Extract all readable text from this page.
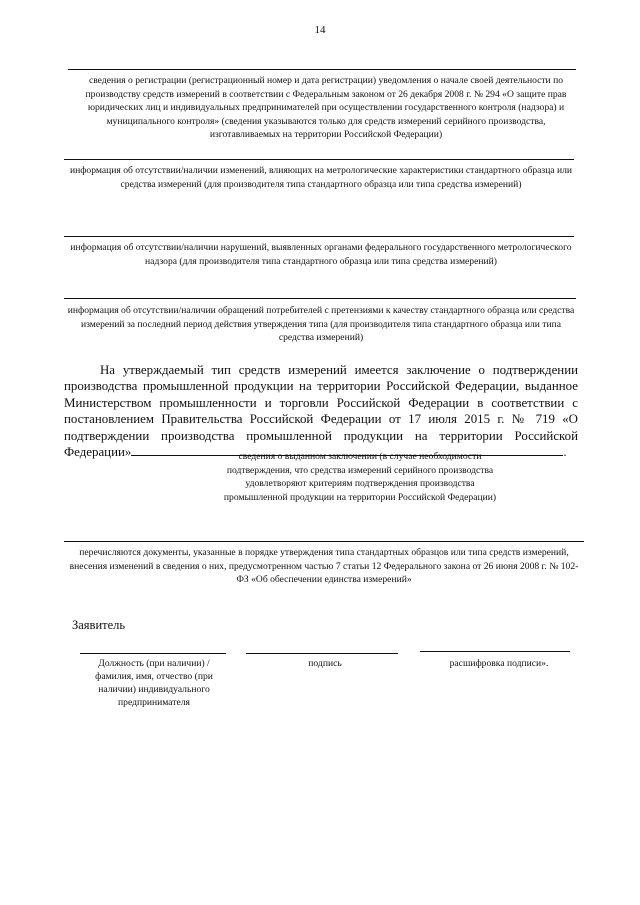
14
сведения о регистрации (регистрационный номер и дата регистрации) уведомления о начале своей деятельности по производству средств измерений в соответствии с Федеральным законом от 26 декабря 2008 г. № 294 «О защите прав юридических лиц и индивидуальных предпринимателей при осуществлении государственного контроля (надзора) и муниципального контроля» (сведения указываются только для средств измерений серийного производства, изготавливаемых на территории Российской Федерации)
информация об отсутствии/наличии изменений, влияющих на метрологические характеристики стандартного образца или средства измерений (для производителя типа стандартного образца или типа средства измерений)
информация об отсутствии/наличии нарушений, выявленных органами федерального государственного метрологического надзора (для производителя типа стандартного образца или типа средства измерений)
информация об отсутствии/наличии обращений потребителей с претензиями к качеству стандартного образца или средства измерений за последний период действия утверждения типа (для производителя типа стандартного образца или типа средства измерений)

На утверждаемый тип средств измерений имеется заключение о подтверждении производства промышленной продукции на территории Российской Федерации, выданное Министерством промышленности и торговли Российской Федерации в соответствии с постановлением Правительства Российской Федерации от 17 июля 2015 г. № 719 «О подтверждении производства промышленной продукции на территории Российской Федерации»	.

сведения о выданном заключении (в случае необходимости подтверждения, что средства измерений серийного производства удовлетворяют критериям подтверждения производства промышленной продукции на территории Российской Федерации)
перечисляются документы, указанные в порядке утверждения типа стандартных образцов или типа средств измерений, внесения изменений в сведения о них, предусмотренном частью 7 статьи 12 Федерального закона от 26 июня 2008 г. № 102-ФЗ «Об обеспечении единства измерений»
Заявитель
Должность (при наличии) / фамилия, имя, отчество (при наличии) индивидуального предпринимателя
подпись	расшифровка подписи».
